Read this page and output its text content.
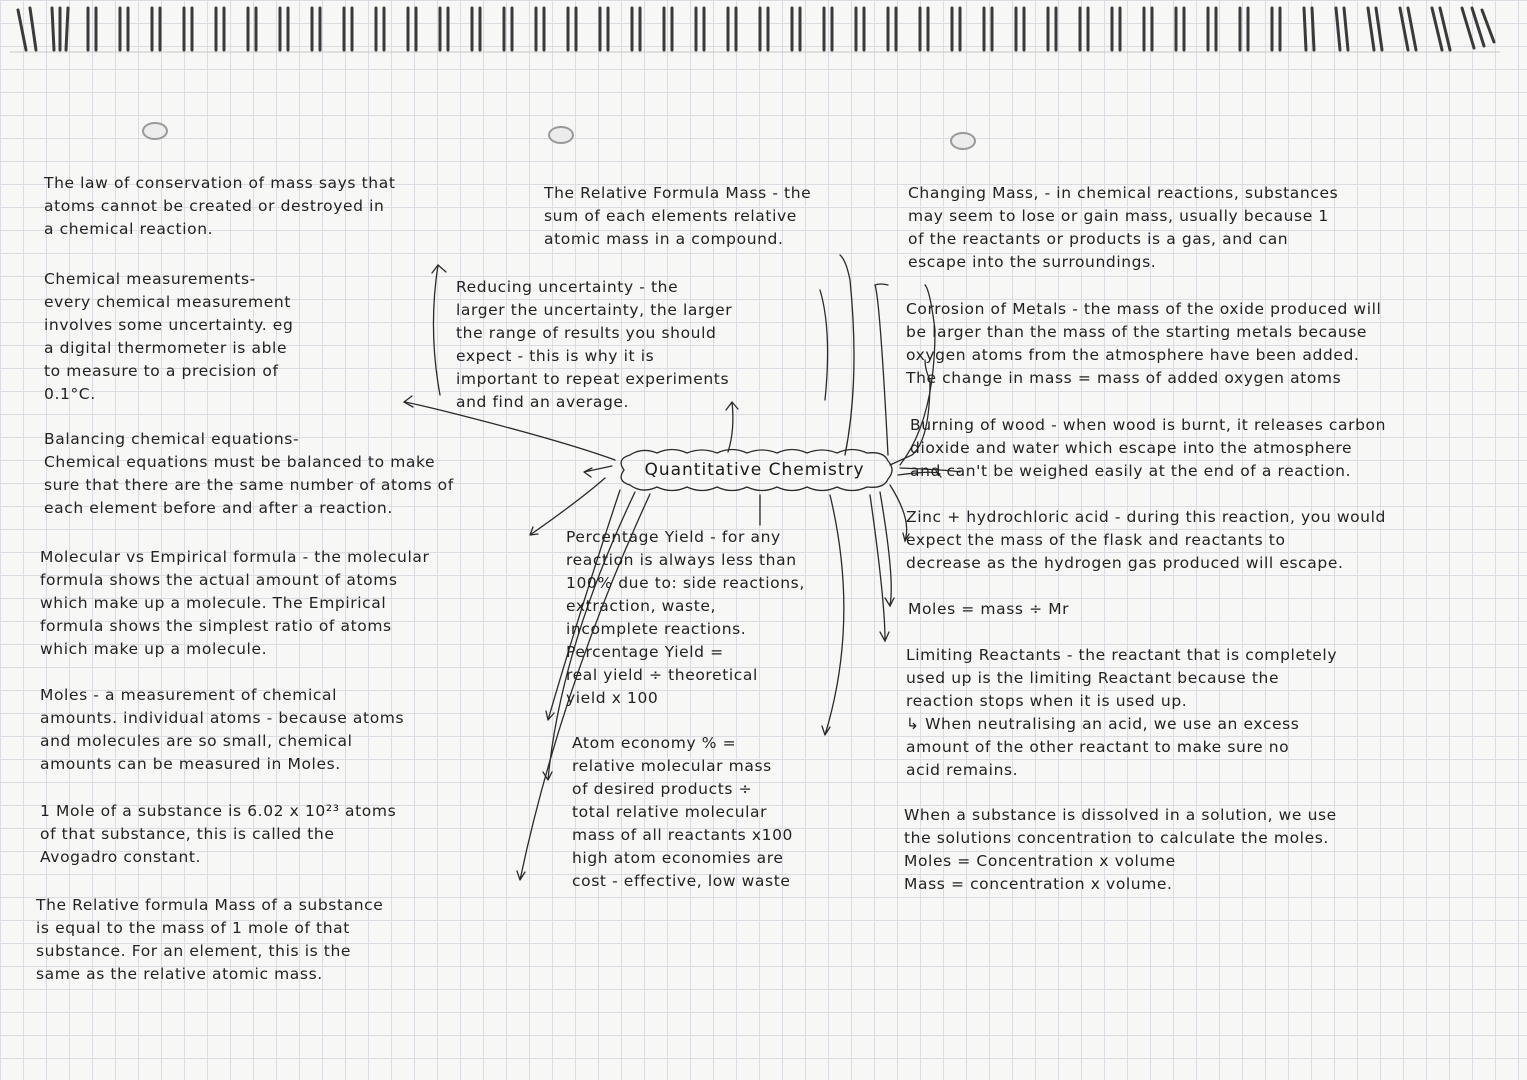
The law of conservation of mass says that
atoms cannot be created or destroyed in
a chemical reaction.

Chemical measurements-
every chemical measurement
involves some uncertainty. eg
a digital thermometer is able
to measure to a precision of
0.1°C.

Balancing chemical equations-
Chemical equations must be balanced to make
sure that there are the same number of atoms of
each element before and after a reaction.

Molecular vs Empirical formula - the molecular
formula shows the actual amount of atoms
which make up a molecule. The Empirical
formula shows the simplest ratio of atoms
which make up a molecule.

Moles - a measurement of chemical
amounts. individual atoms - because atoms
and molecules are so small, chemical
amounts can be measured in Moles.

1 Mole of a substance is 6.02 x 10²³ atoms
of that substance, this is called the
Avogadro constant.

The Relative formula Mass of a substance
is equal to the mass of 1 mole of that
substance. For an element, this is the
same as the relative atomic mass.

The Relative Formula Mass - the
sum of each elements relative
atomic mass in a compound.

Reducing uncertainty - the
larger the uncertainty, the larger
the range of results you should
expect - this is why it is
important to repeat experiments
and find an average.

Quantitative Chemistry

Percentage Yield - for any
reaction is always less than
100% due to: side reactions,
extraction, waste,
incomplete reactions.
Percentage Yield =
real yield ÷ theoretical
yield x 100

Atom economy % =
relative molecular mass
of desired products ÷
total relative molecular
mass of all reactants x100
high atom economies are
cost - effective, low waste

Changing Mass, - in chemical reactions, substances
may seem to lose or gain mass, usually because 1
of the reactants or products is a gas, and can
escape into the surroundings.

Corrosion of Metals - the mass of the oxide produced will
be larger than the mass of the starting metals because
oxygen atoms from the atmosphere have been added.
The change in mass = mass of added oxygen atoms

Burning of wood - when wood is burnt, it releases carbon
dioxide and water which escape into the atmosphere
and can't be weighed easily at the end of a reaction.

Zinc + hydrochloric acid - during this reaction, you would
expect the mass of the flask and reactants to
decrease as the hydrogen gas produced will escape.

Moles = mass ÷ Mr

Limiting Reactants - the reactant that is completely
used up is the limiting Reactant because the
reaction stops when it is used up.
↳ When neutralising an acid, we use an excess
amount of the other reactant to make sure no
acid remains.

When a substance is dissolved in a solution, we use
the solutions concentration to calculate the moles.
Moles = Concentration x volume
Mass = concentration x volume.
